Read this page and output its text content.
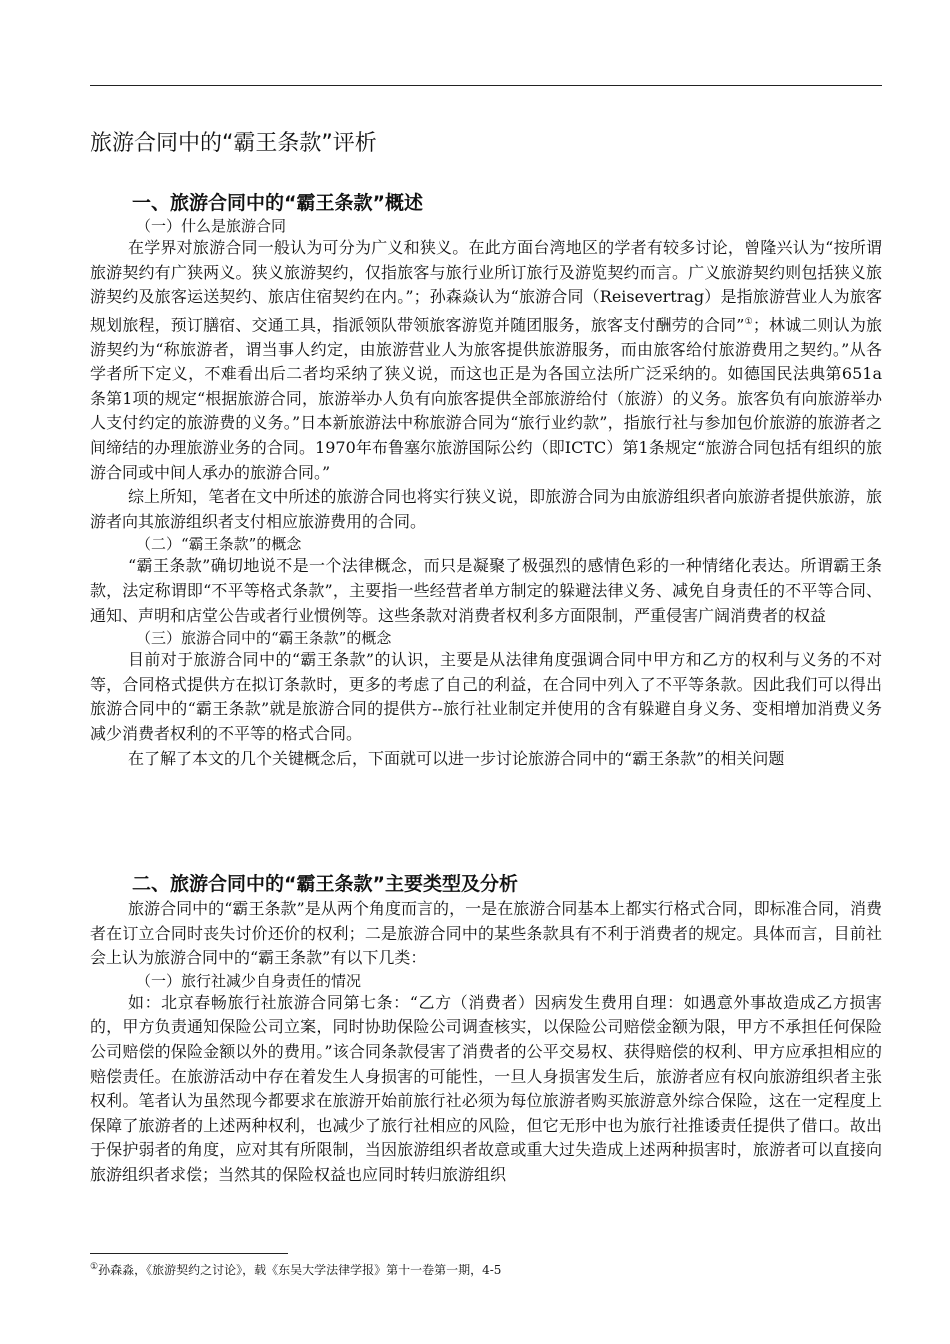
旅游合同中的“霸王条款”评析
一、旅游合同中的“霸王条款”概述
（一）什么是旅游合同

在学界对旅游合同一般认为可分为广义和狭义。在此方面台湾地区的学者有较多讨论，曾隆兴认为“按所谓旅游契约有广狭两义。狭义旅游契约，仅指旅客与旅行业所订旅行及游览契约而言。广义旅游契约则包括狭义旅游契约及旅客运送契约、旅店住宿契约在内。”；孙森焱认为“旅游合同（Reisevertrag）是指旅游营业人为旅客规划旅程，预订膳宿、交通工具，指派领队带领旅客游览并随团服务，旅客支付酬劳的合同”①；林诚二则认为旅游契约为“称旅游者，谓当事人约定，由旅游营业人为旅客提供旅游服务，而由旅客给付旅游费用之契约。”从各学者所下定义，不难看出后二者均采纳了狭义说，而这也正是为各国立法所广泛采纳的。如德国民法典第651a条第1项的规定“根据旅游合同，旅游举办人负有向旅客提供全部旅游给付（旅游）的义务。旅客负有向旅游举办人支付约定的旅游费的义务。”日本新旅游法中称旅游合同为“旅行业约款”，指旅行社与参加包价旅游的旅游者之间缔结的办理旅游业务的合同。1970年布鲁塞尔旅游国际公约（即ICTC）第1条规定“旅游合同包括有组织的旅游合同或中间人承办的旅游合同。”

综上所知，笔者在文中所述的旅游合同也将实行狭义说，即旅游合同为由旅游组织者向旅游者提供旅游，旅游者向其旅游组织者支付相应旅游费用的合同。

（二）“霸王条款”的概念

“霸王条款”确切地说不是一个法律概念，而只是凝聚了极强烈的感情色彩的一种情绪化表达。所谓霸王条款，法定称谓即“不平等格式条款”，主要指一些经营者单方制定的躲避法律义务、减免自身责任的不平等合同、通知、声明和店堂公告或者行业惯例等。这些条款对消费者权利多方面限制，严重侵害广阔消费者的权益

（三）旅游合同中的“霸王条款”的概念

目前对于旅游合同中的“霸王条款”的认识，主要是从法律角度强调合同中甲方和乙方的权利与义务的不对等，合同格式提供方在拟订条款时，更多的考虑了自己的利益，在合同中列入了不平等条款。因此我们可以得出旅游合同中的“霸王条款”就是旅游合同的提供方--旅行社业制定并使用的含有躲避自身义务、变相增加消费义务减少消费者权利的不平等的格式合同。

在了解了本文的几个关键概念后，下面就可以进一步讨论旅游合同中的“霸王条款”的相关问题

二、旅游合同中的“霸王条款”主要类型及分析

旅游合同中的“霸王条款”是从两个角度而言的，一是在旅游合同基本上都实行格式合同，即标准合同，消费者在订立合同时丧失讨价还价的权利；二是旅游合同中的某些条款具有不利于消费者的规定。具体而言，目前社会上认为旅游合同中的“霸王条款”有以下几类：

（一）旅行社减少自身责任的情况

如：北京春畅旅行社旅游合同第七条：“乙方（消费者）因病发生费用自理：如遇意外事故造成乙方损害的，甲方负责通知保险公司立案，同时协助保险公司调查核实，以保险公司赔偿金额为限，甲方不承担任何保险公司赔偿的保险金额以外的费用。”该合同条款侵害了消费者的公平交易权、获得赔偿的权利、甲方应承担相应的赔偿责任。在旅游活动中存在着发生人身损害的可能性，一旦人身损害发生后，旅游者应有权向旅游组织者主张权利。笔者认为虽然现今都要求在旅游开始前旅行社必须为每位旅游者购买旅游意外综合保险，这在一定程度上保障了旅游者的上述两种权利，也减少了旅行社相应的风险，但它无形中也为旅行社推诿责任提供了借口。故出于保护弱者的角度，应对其有所限制，当因旅游组织者故意或重大过失造成上述两种损害时，旅游者可以直接向旅游组织者求偿；当然其的保险权益也应同时转归旅游组织

①孙森淼，《旅游契约之讨论》，载《东吴大学法律学报》第十一卷第一期，4-5
